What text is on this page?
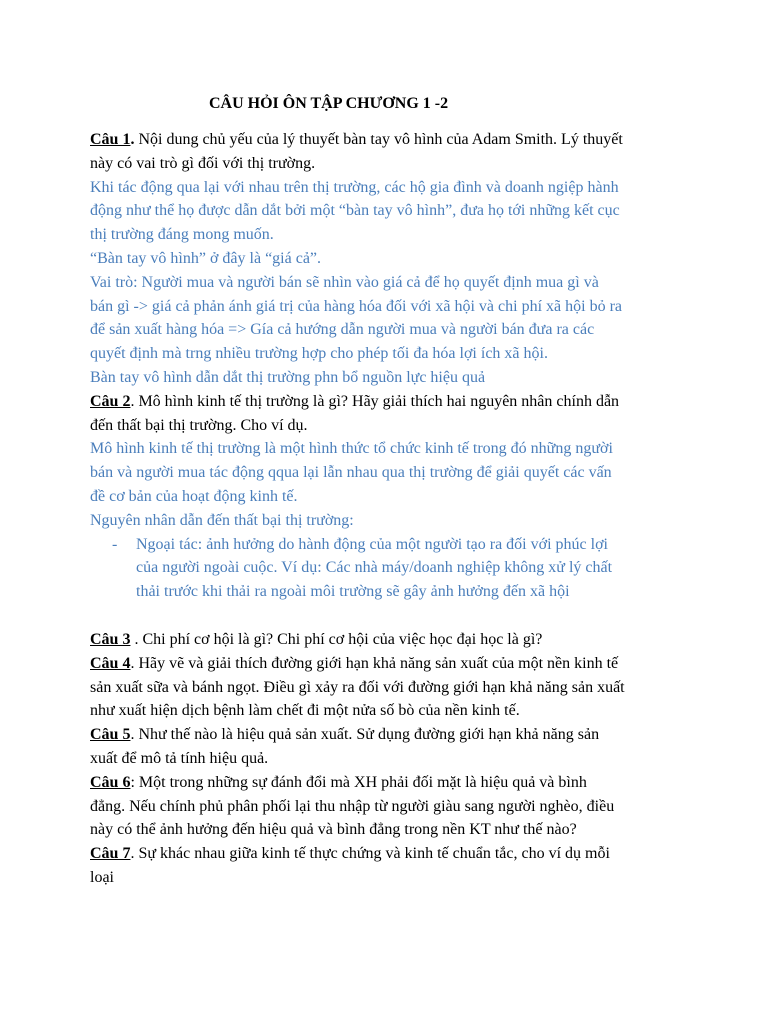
CÂU HỎI ÔN TẬP CHƯƠNG 1 -2
Câu 1. Nội dung chủ yếu của lý thuyết bàn tay vô hình của Adam Smith. Lý thuyết
này có vai trò gì đối với thị trường.
Khi tác động qua lại với nhau trên thị trường, các hộ gia đình và doanh ngiệp hành
động như thể họ được dẫn dắt bởi một “bàn tay vô hình”, đưa họ tới những kết cục
thị trường đáng mong muốn.
“Bàn tay vô hình” ở đây là “giá cả”.
Vai trò: Người mua và người bán sẽ nhìn vào giá cả để họ quyết định mua gì và
bán gì -> giá cả phản ánh giá trị của hàng hóa đối với xã hội và chi phí xã hội bỏ ra
để sản xuất hàng hóa => Gía cả hướng dẫn người mua và người bán đưa ra các
quyết định mà trng nhiều trường hợp cho phép tối đa hóa lợi ích xã hội.
Bàn tay vô hình dẫn dắt thị trường phn bổ nguồn lực hiệu quả
Câu 2. Mô hình kinh tế thị trường là gì? Hãy giải thích hai nguyên nhân chính dẫn
đến thất bại thị trường. Cho ví dụ.
Mô hình kinh tế thị trường là một hình thức tổ chức kinh tế trong đó những người
bán và người mua tác động qqua lại lẫn nhau qua thị trường để giải quyết các vấn
đề cơ bản của hoạt động kinh tế.
Nguyên nhân dẫn đến thất bại thị trường:
- Ngoại tác: ảnh hưởng do hành động của một người tạo ra đối với phúc lợi
của người ngoài cuộc. Ví dụ: Các nhà máy/doanh nghiệp không xử lý chất
thải trước khi thải ra ngoài môi trường sẽ gây ảnh hưởng đến xã hội
Câu 3 . Chi phí cơ hội là gì? Chi phí cơ hội của việc học đại học là gì?
Câu 4. Hãy vẽ và giải thích đường giới hạn khả năng sản xuất của một nền kinh tế
sản xuất sữa và bánh ngọt. Điều gì xảy ra đối với đường giới hạn khả năng sản xuất
như xuất hiện dịch bệnh làm chết đi một nửa số bò của nền kinh tế.
Câu 5. Như thế nào là hiệu quả sản xuất. Sử dụng đường giới hạn khả năng sản
xuất để mô tả tính hiệu quả.
Câu 6: Một trong những sự đánh đổi mà XH phải đối mặt là hiệu quả và bình
đẳng. Nếu chính phủ phân phối lại thu nhập từ người giàu sang người nghèo, điều
này có thể ảnh hưởng đến hiệu quả và bình đẳng trong nền KT như thế nào?
Câu 7. Sự khác nhau giữa kinh tế thực chứng và kinh tế chuẩn tắc, cho ví dụ mỗi
loại
